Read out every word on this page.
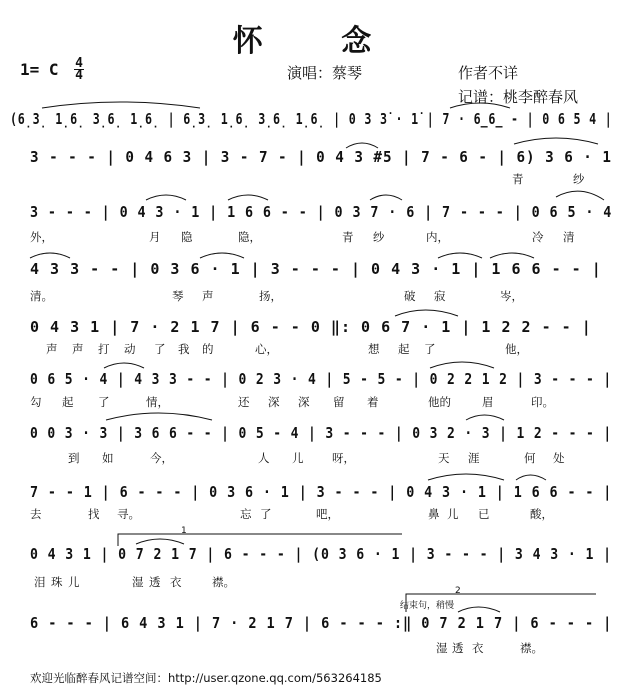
怀 念
1= C 4
4	演唱：蔡琴	作者不详
记谱：桃李醉春风
(6̣3̣ 1̣6̣ 3̣6̣ 1̣6̣ | 6̣3̣ 1̣6̣ 3̣6̣ 1̣6̣ | 0 3 3̇ · 1̇ | 7 · 6̲6̲ - | 0 6 5 4 |
3 - - - | 0 4 6 3 | 3 - 7 - | 0 4 3 #5 | 7 - 6 - | 6) 3 6 · 1
青	纱
3 - - - | 0 4 3 · 1 | 1 6 6 - - | 0 3 7 · 6 | 7 - - - | 0 6 5 · 4
外，	月 隐	隐，	青 纱	内，	冷 清
4 3 3 - - | 0 3 6 · 1 | 3 - - - | 0 4 3 · 1 | 1 6 6 - - |
清。	琴 声	扬，	破 寂	岑，
0 4 3 1 | 7 · 2 1 7 | 6 - - 0 ‖: 0 6 7 · 1 | 1 2 2 - - |
声 声 打 动 了 我 的	心，	想 起 了	他，
0 6 5 · 4 | 4 3 3 - - | 0 2 3 · 4 | 5 - 5 - | 0 2 2 1 2 | 3 - - - |
勾 起 了	情，	还 深 深 留 着	他的	眉	印。
0 0 3 · 3 | 3 6 6 - - | 0 5 - 4 | 3 - - - | 0 3 2 · 3 | 1 2 - - - |
到 如	今，	人 儿 呀，	天 涯	何 处
7 - - 1 | 6 - - - | 0 3 6 · 1 | 3 - - - | 0 4 3 · 1 | 1 6 6 - - |
去	找 寻。	忘 了	吧，	鼻 儿 已	酸，
0 4 3 1 | 0 7 2 1 7 | 6 - - - | (0 3 6 · 1 | 3 - - - | 3 4 3 · 1 |
泪 珠 儿	湿 透 衣	襟。
6 - - - | 6 4 3 1 | 7 · 2 1 7 | 6 - - - :‖ 0 7 2 1 7 | 6 - - - |
湿 透 衣	襟。
1
2
结束句，稍慢
欢迎光临醉春风记谱空间：http://user.qzone.qq.com/563264185
